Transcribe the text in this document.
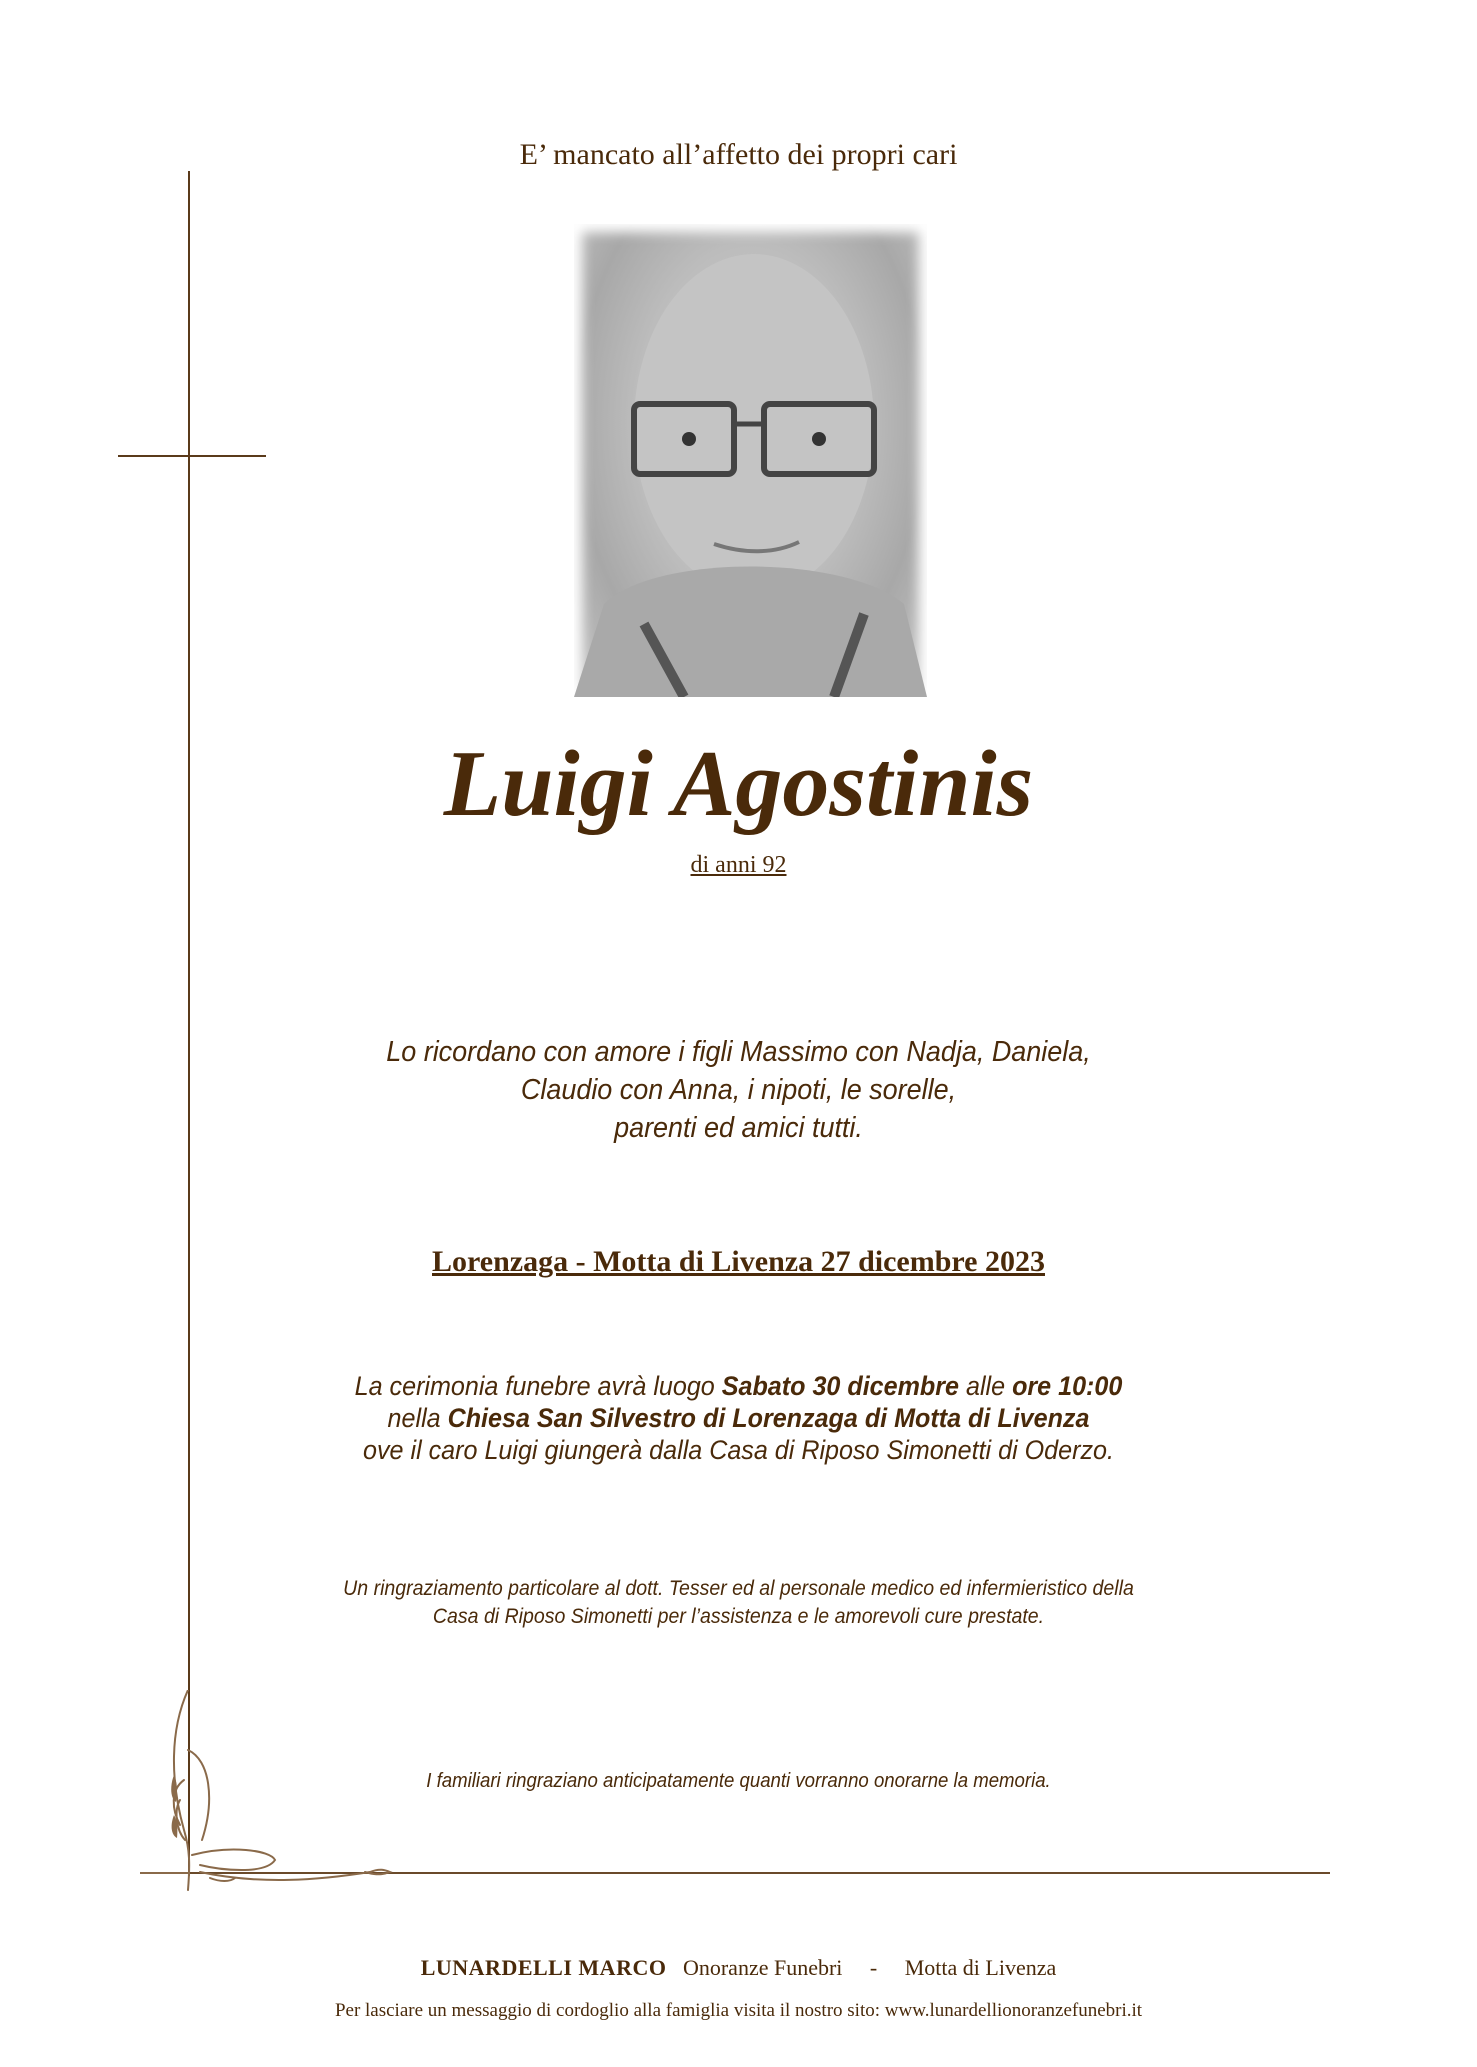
E’ mancato all’affetto dei propri cari
Luigi Agostinis
di anni 92
Lo ricordano con amore i figli Massimo con Nadja, Daniela,
Claudio con Anna, i nipoti, le sorelle,
parenti ed amici tutti.
Lorenzaga - Motta di Livenza 27 dicembre 2023
La cerimonia funebre avrà luogo Sabato 30 dicembre alle ore 10:00
nella Chiesa San Silvestro di Lorenzaga di Motta di Livenza
ove il caro Luigi giungerà dalla Casa di Riposo Simonetti di Oderzo.
Un ringraziamento particolare al dott. Tesser ed al personale medico ed infermieristico della
Casa di Riposo Simonetti per l’assistenza e le amorevoli cure prestate.
I familiari ringraziano anticipatamente quanti vorranno onorarne la memoria.
LUNARDELLI MARCO Onoranze Funebri - Motta di Livenza
Per lasciare un messaggio di cordoglio alla famiglia visita il nostro sito: www.lunardellionoranzefunebri.it
